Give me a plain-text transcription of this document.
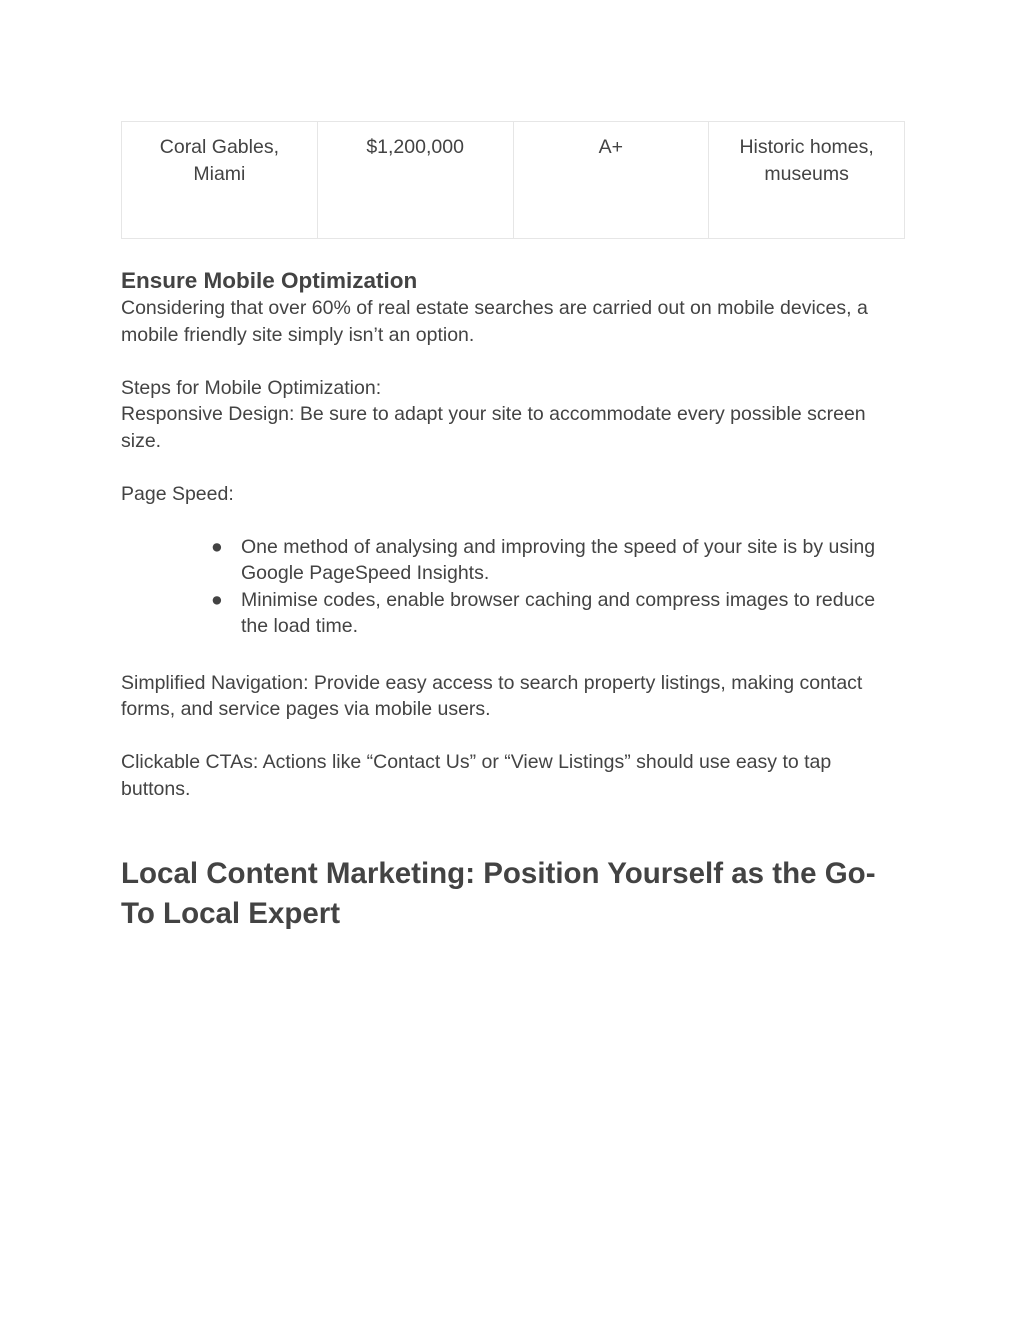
Coral Gables, Miami	$1,200,000	A+	Historic homes, museums
Ensure Mobile Optimization

Considering that over 60% of real estate searches are carried out on mobile devices, a mobile friendly site simply isn’t an option.

Steps for Mobile Optimization:

Responsive Design: Be sure to adapt your site to accommodate every possible screen size.

Page Speed:

● One method of analysing and improving the speed of your site is by using Google PageSpeed Insights.
● Minimise codes, enable browser caching and compress images to reduce the load time.

Simplified Navigation: Provide easy access to search property listings, making contact forms, and service pages via mobile users.

Clickable CTAs: Actions like “Contact Us” or “View Listings” should use easy to tap buttons.

Local Content Marketing: Position Yourself as the Go-To Local Expert
